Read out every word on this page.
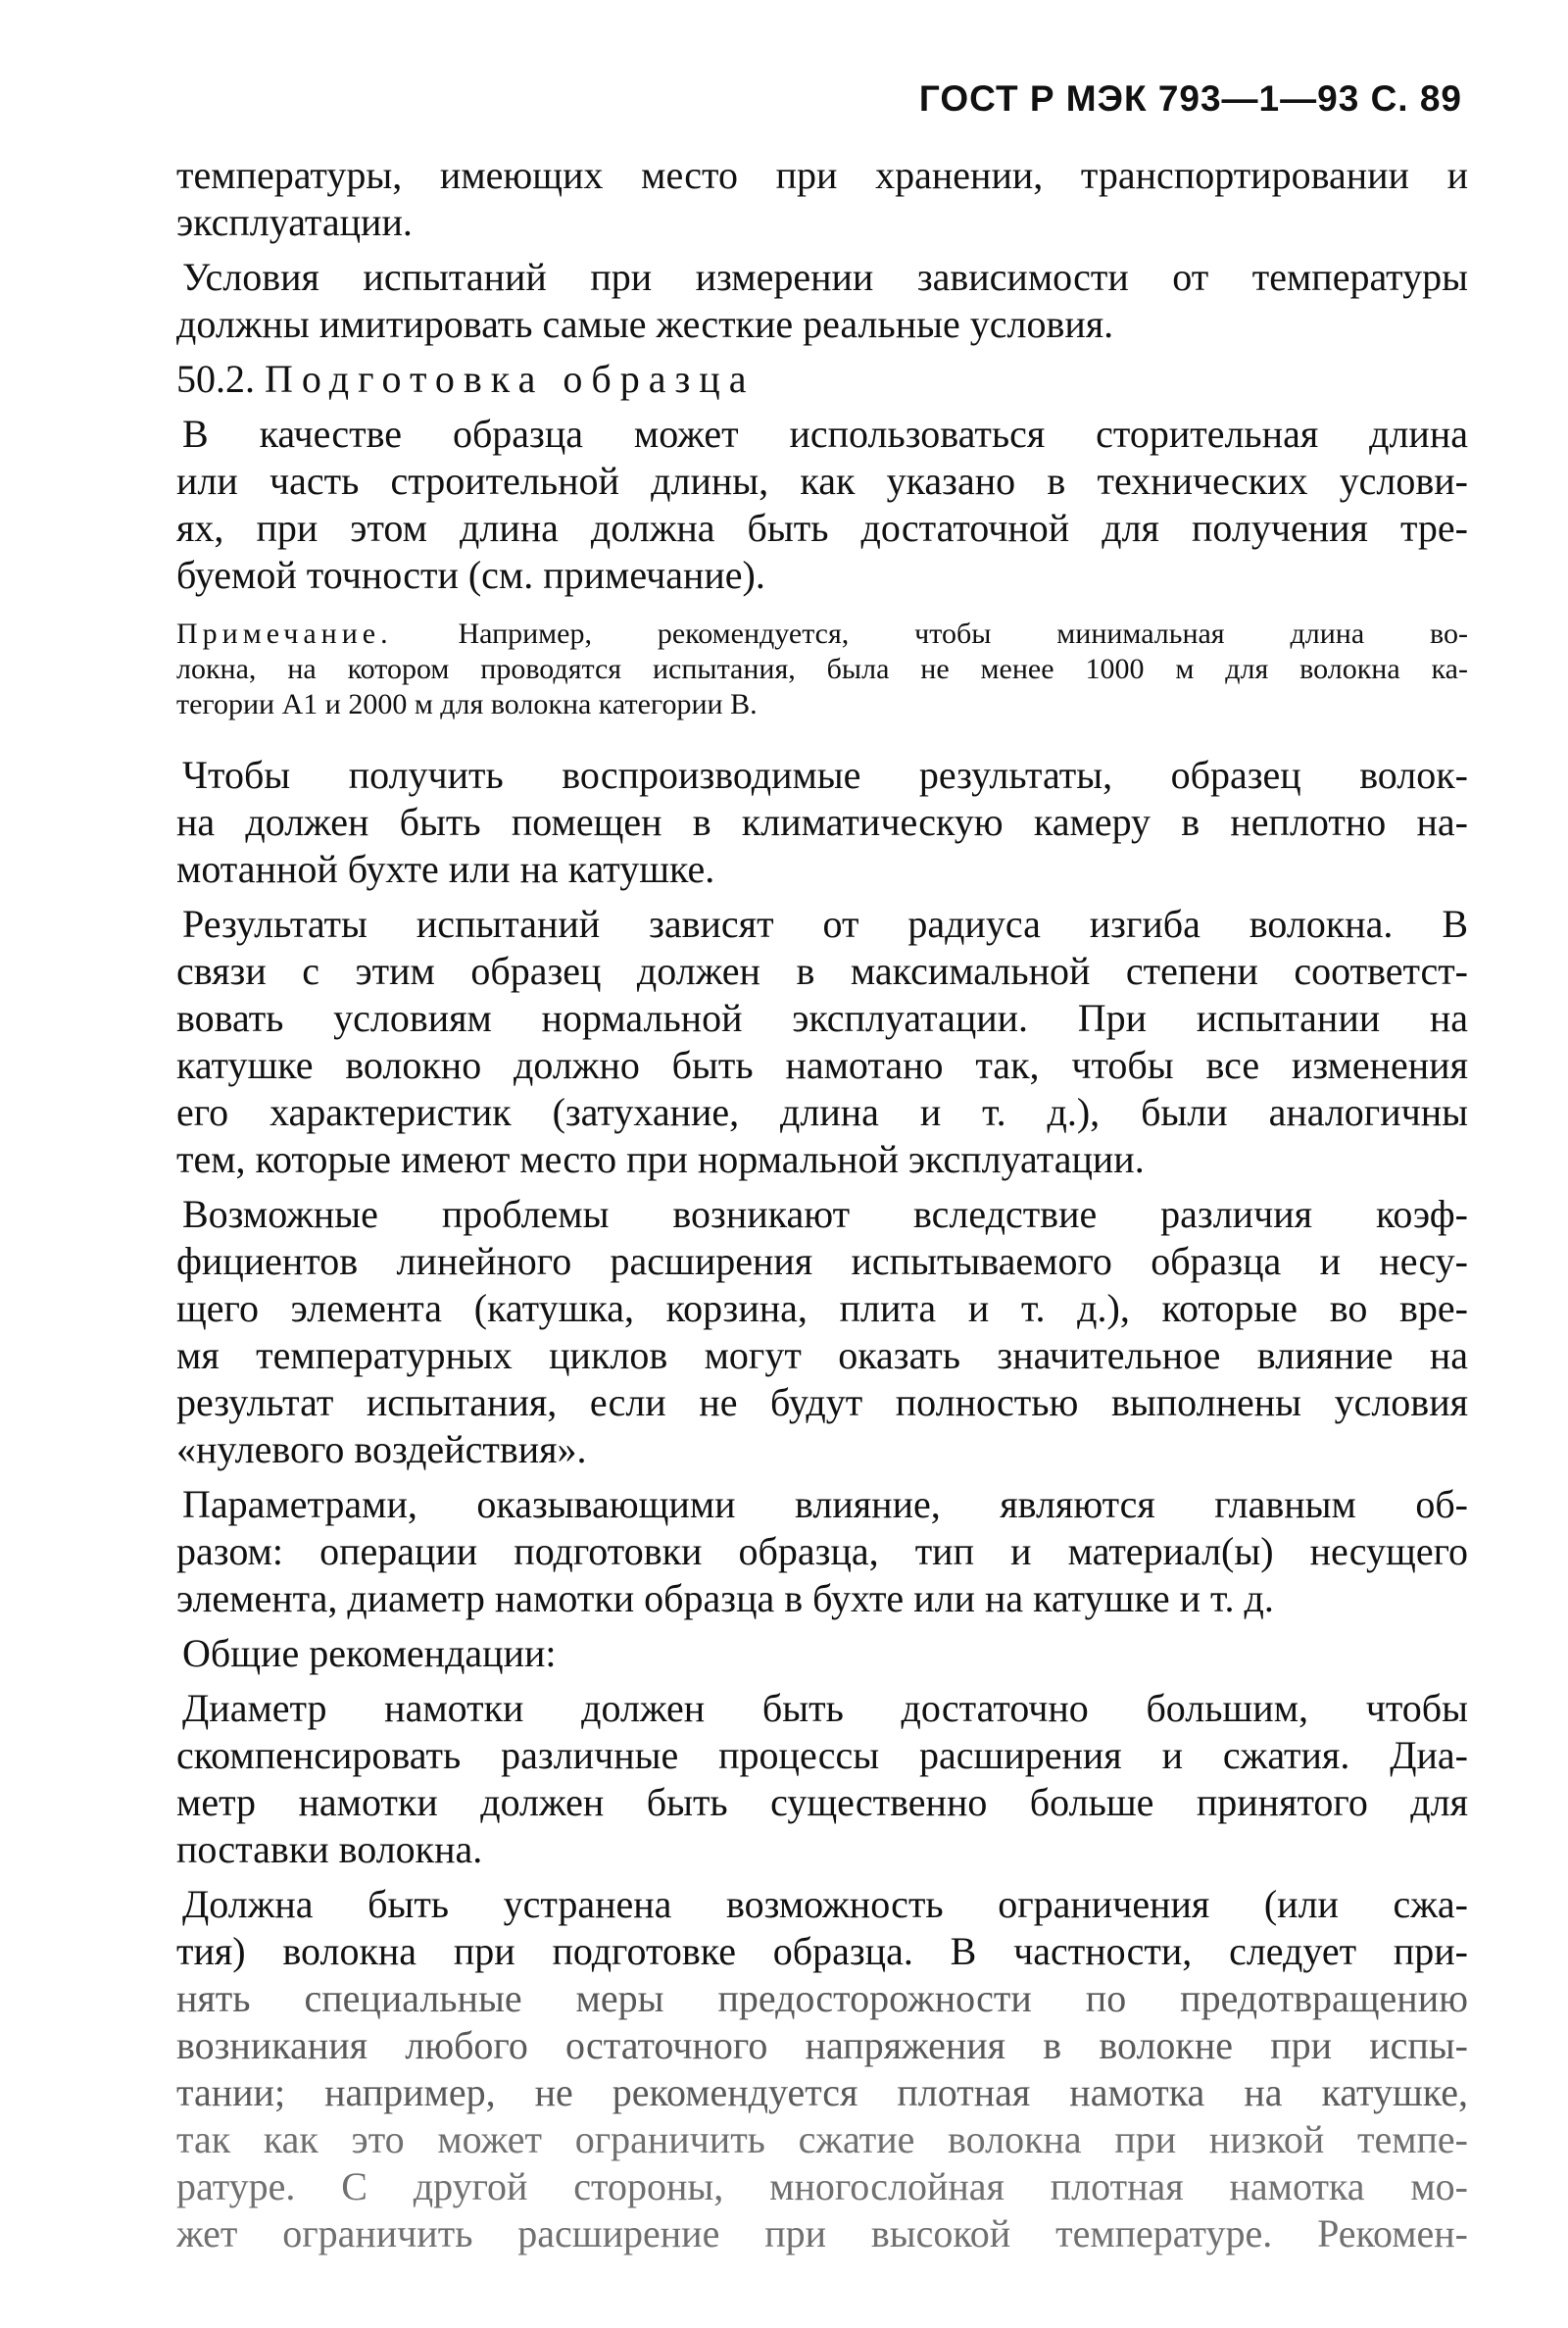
ГОСТ Р МЭК 793—1—93 С. 89
температуры, имеющих место при хранении, транспортировании и
эксплуатации.
Условия испытаний при измерении зависимости от температуры
должны имитировать самые жесткие реальные условия.
50.2. Подготовка образца
В качестве образца может использоваться сторительная длина
или часть строительной длины, как указано в технических услови-
ях, при этом длина должна быть достаточной для получения тре-
буемой точности (см. примечание).
Примечание. Например, рекомендуется, чтобы минимальная длина во-
локна, на котором проводятся испытания, была не менее 1000 м для волокна ка-
тегории А1 и 2000 м для волокна категории В.
Чтобы получить воспроизводимые результаты, образец волок-
на должен быть помещен в климатическую камеру в неплотно на-
мотанной бухте или на катушке.
Результаты испытаний зависят от радиуса изгиба волокна. В
связи с этим образец должен в максимальной степени соответст-
вовать условиям нормальной эксплуатации. При испытании на
катушке волокно должно быть намотано так, чтобы все изменения
его характеристик (затухание, длина и т. д.), были аналогичны
тем, которые имеют место при нормальной эксплуатации.
Возможные проблемы возникают вследствие различия коэф-
фициентов линейного расширения испытываемого образца и несу-
щего элемента (катушка, корзина, плита и т. д.), которые во вре-
мя температурных циклов могут оказать значительное влияние на
результат испытания, если не будут полностью выполнены условия
«нулевого воздействия».
Параметрами, оказывающими влияние, являются главным об-
разом: операции подготовки образца, тип и материал(ы) несущего
элемента, диаметр намотки образца в бухте или на катушке и т. д.
Общие рекомендации:
Диаметр намотки должен быть достаточно большим, чтобы
скомпенсировать различные процессы расширения и сжатия. Диа-
метр намотки должен быть существенно больше принятого для
поставки волокна.
Должна быть устранена возможность ограничения (или сжа-
тия) волокна при подготовке образца. В частности, следует при-
нять специальные меры предосторожности по предотвращению
возникания любого остаточного напряжения в волокне при испы-
тании; например, не рекомендуется плотная намотка на катушке,
так как это может ограничить сжатие волокна при низкой темпе-
ратуре. С другой стороны, многослойная плотная намотка мо-
жет ограничить расширение при высокой температуре. Рекомен-
